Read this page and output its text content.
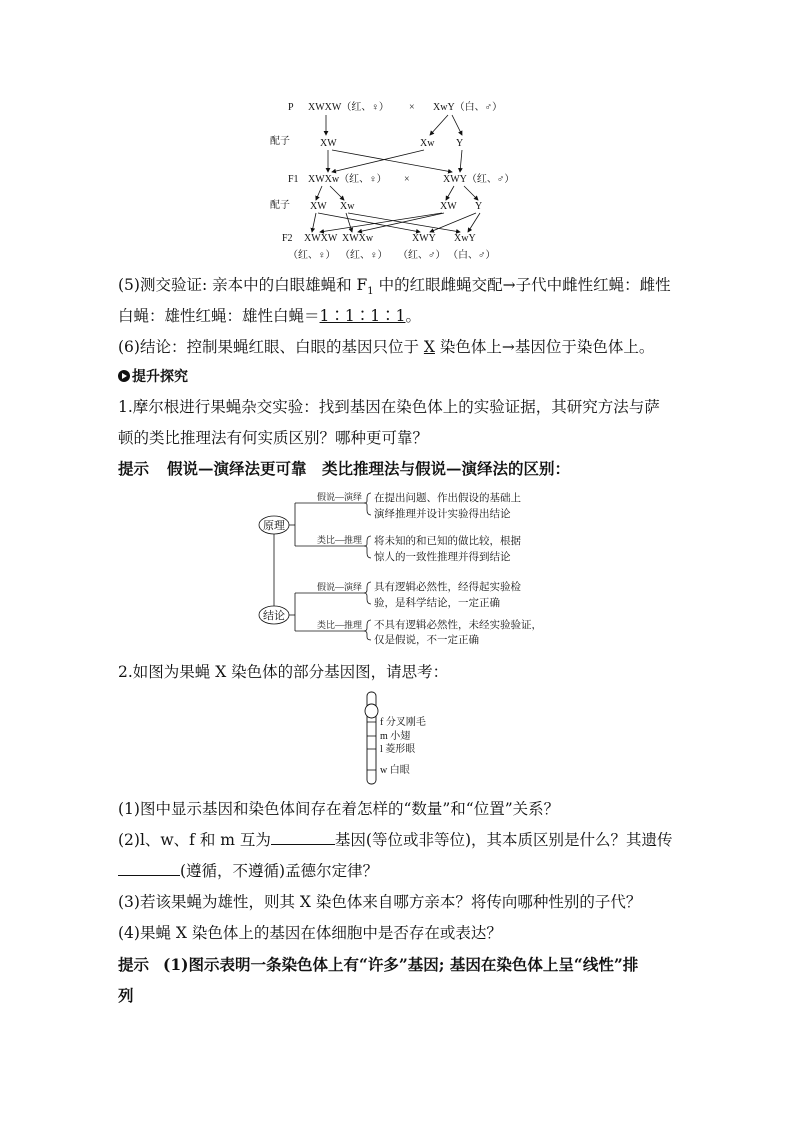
P XWXW（红、♀） × XwY（白、♂）
配子	XW	Xw Y
F1 XWXw（红、♀） ×	XWY（红、♂）
配子 XW Xw	XW Y
F2 XWXW XWXw	XWY XwY
（红、♀） （红、♀） （红、♂） （白、♂）
(5)测交验证: 亲本中的白眼雄蝇和 $F_1$ 中的红眼雌蝇交配→子代中雌性红蝇：雌性
白蝇：雄性红蝇：雄性白蝇＝1∶1∶1∶1。
(6)结论：控制果蝇红眼、白眼的基因只位于 X 染色体上→基因位于染色体上。
提升探究
1.摩尔根进行果蝇杂交实验：找到基因在染色体上的实验证据，其研究方法与萨
顿的类比推理法有何实质区别？哪种更可靠？
提示 假说—演绎法更可靠　类比推理法与假说—演绎法的区别：
原理
结论
假说—演绎
类比—推理
假说—演绎
类比—推理
在提出问题、作出假设的基础上
演绎推理并设计实验得出结论
将未知的和已知的做比较，根据
惊人的一致性推理并得到结论
具有逻辑必然性，经得起实验检
验，是科学结论，一定正确
不具有逻辑必然性，未经实验验证，
仅是假说，不一定正确
2.如图为果蝇 X 染色体的部分基因图，请思考：
f 分叉刚毛
m 小翅
l 菱形眼
w 白眼
(1)图中显示基因和染色体间存在着怎样的“数量”和“位置”关系？
(2)l、w、f 和 m 互为	基因(等位或非等位)，其本质区别是什么？其遗传
(遵循，不遵循)孟德尔定律？
(3)若该果蝇为雄性，则其 X 染色体来自哪方亲本？将传向哪种性别的子代？
(4)果蝇 X 染色体上的基因在体细胞中是否存在或表达？
提示 (1)图示表明一条染色体上有“许多”基因; 基因在染色体上呈“线性”排
列
